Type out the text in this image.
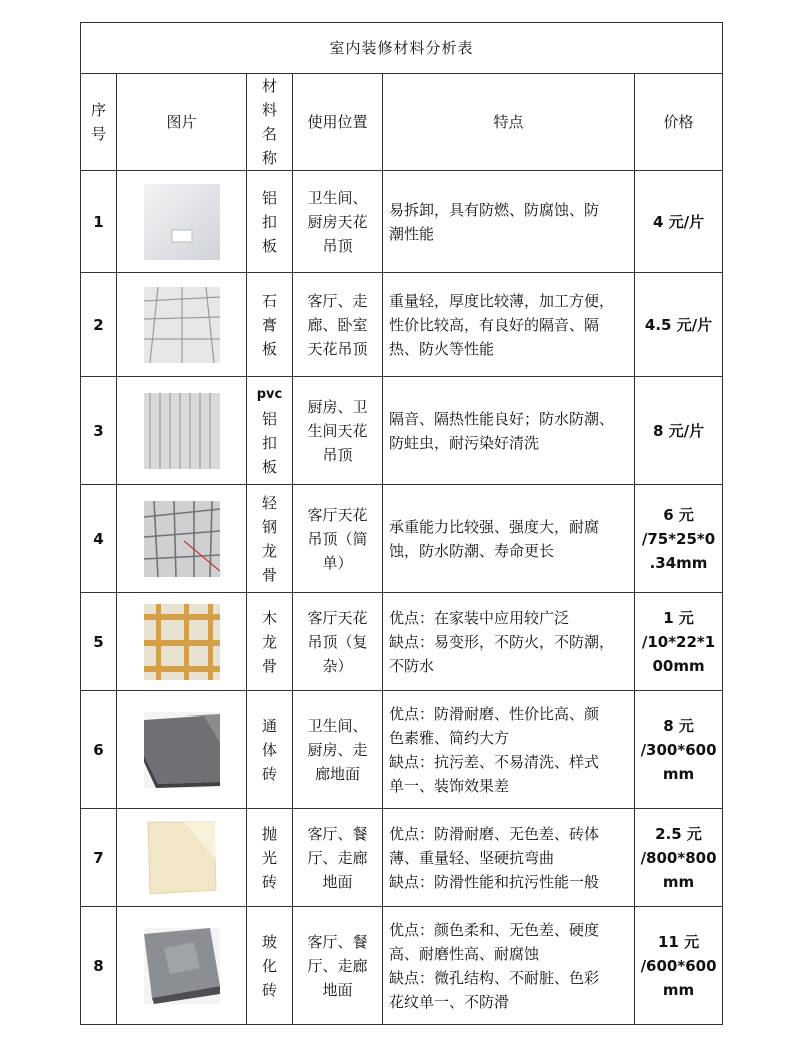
室内装修材料分析表					
序号	图片	材料名称	使用位置	特点	价格
1		铝
扣
板	卫生间、
厨房天花
吊顶	易拆卸，具有防燃、防腐蚀、防
潮性能	4 元/片

2		石
膏
板	客厅、走
廊、卧室
天花吊顶	重量轻，厚度比较薄，加工方便，
性价比较高，有良好的隔音、隔
热、防火等性能	4.5 元/片

3		pvc
铝
扣
板	厨房、卫
生间天花
吊顶	隔音、隔热性能良好；防水防潮、
防蛀虫，耐污染好清洗	8 元/片

4		轻
钢
龙
骨	客厅天花
吊顶（简
单）	承重能力比较强、强度大，耐腐
蚀，防水防潮、寿命更长	6 元
/75*25*0
.34mm

5		木
龙
骨	客厅天花
吊顶（复
杂）	优点：在家装中应用较广泛
缺点：易变形，不防火，不防潮，
不防水	1 元
/10*22*1
00mm

6		通
体
砖	卫生间、
厨房、走
廊地面	优点：防滑耐磨、性价比高、颜
色素雅、简约大方
缺点：抗污差、不易清洗、样式
单一、装饰效果差	8 元
/300*600
mm

7		抛
光
砖	客厅、餐
厅、走廊
地面	优点：防滑耐磨、无色差、砖体
薄、重量轻、坚硬抗弯曲
缺点：防滑性能和抗污性能一般	2.5 元
/800*800
mm

8		玻
化
砖	客厅、餐
厅、走廊
地面	优点：颜色柔和、无色差、硬度
高、耐磨性高、耐腐蚀
缺点：微孔结构、不耐脏、色彩
花纹单一、不防滑	11 元
/600*600
mm
